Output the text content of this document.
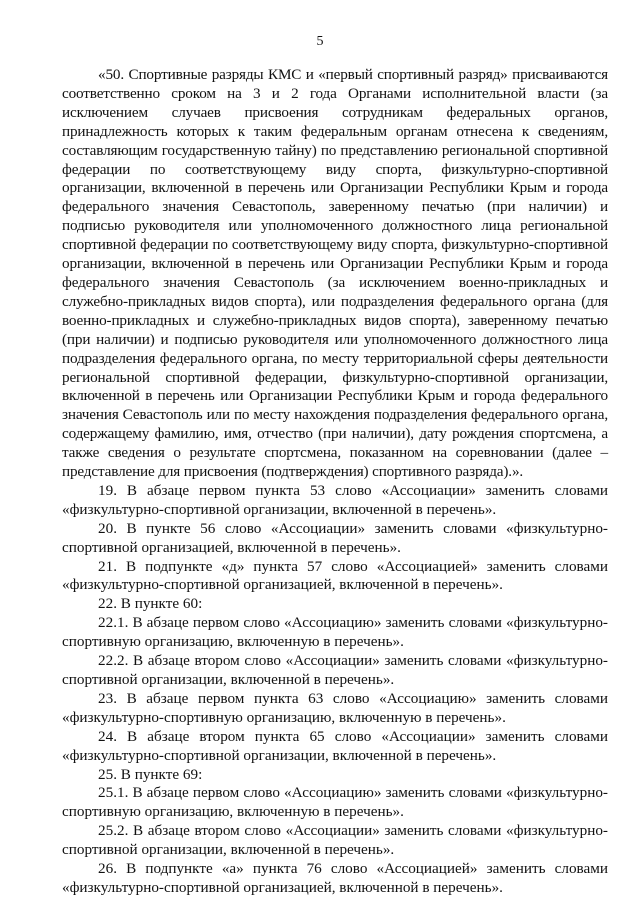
5

«50. Спортивные разряды КМС и «первый спортивный разряд» присваиваются соответственно сроком на 3 и 2 года Органами исполнительной власти (за исключением случаев присвоения сотрудникам федеральных органов, принадлежность которых к таким федеральным органам отнесена к сведениям, составляющим государственную тайну) по представлению региональной спортивной федерации по соответствующему виду спорта, физкультурно-спортивной организации, включенной в перечень или Организации Республики Крым и города федерального значения Севастополь, заверенному печатью (при наличии) и подписью руководителя или уполномоченного должностного лица региональной спортивной федерации по соответствующему виду спорта, физкультурно-спортивной организации, включенной в перечень или Организации Республики Крым и города федерального значения Севастополь (за исключением военно-прикладных и служебно-прикладных видов спорта), или подразделения федерального органа (для военно-прикладных и служебно-прикладных видов спорта), заверенному печатью (при наличии) и подписью руководителя или уполномоченного должностного лица подразделения федерального органа, по месту территориальной сферы деятельности региональной спортивной федерации, физкультурно-спортивной организации, включенной в перечень или Организации Республики Крым и города федерального значения Севастополь или по месту нахождения подразделения федерального органа, содержащему фамилию, имя, отчество (при наличии), дату рождения спортсмена, а также сведения о результате спортсмена, показанном на соревновании (далее – представление для присвоения (подтверждения) спортивного разряда).».

19. В абзаце первом пункта 53 слово «Ассоциации» заменить словами «физкультурно-спортивной организации, включенной в перечень».

20. В пункте 56 слово «Ассоциации» заменить словами «физкультурно-спортивной организацией, включенной в перечень».

21. В подпункте «д» пункта 57 слово «Ассоциацией» заменить словами «физкультурно-спортивной организацией, включенной в перечень».

22. В пункте 60:

22.1. В абзаце первом слово «Ассоциацию» заменить словами «физкультурно-спортивную организацию, включенную в перечень».

22.2. В абзаце втором слово «Ассоциации» заменить словами «физкультурно-спортивной организации, включенной в перечень».

23. В абзаце первом пункта 63 слово «Ассоциацию» заменить словами «физкультурно-спортивную организацию, включенную в перечень».

24. В абзаце втором пункта 65 слово «Ассоциации» заменить словами «физкультурно-спортивной организации, включенной в перечень».

25. В пункте 69:

25.1. В абзаце первом слово «Ассоциацию» заменить словами «физкультурно-спортивную организацию, включенную в перечень».

25.2. В абзаце втором слово «Ассоциации» заменить словами «физкультурно-спортивной организации, включенной в перечень».

26. В подпункте «а» пункта 76 слово «Ассоциацией» заменить словами «физкультурно-спортивной организацией, включенной в перечень».
